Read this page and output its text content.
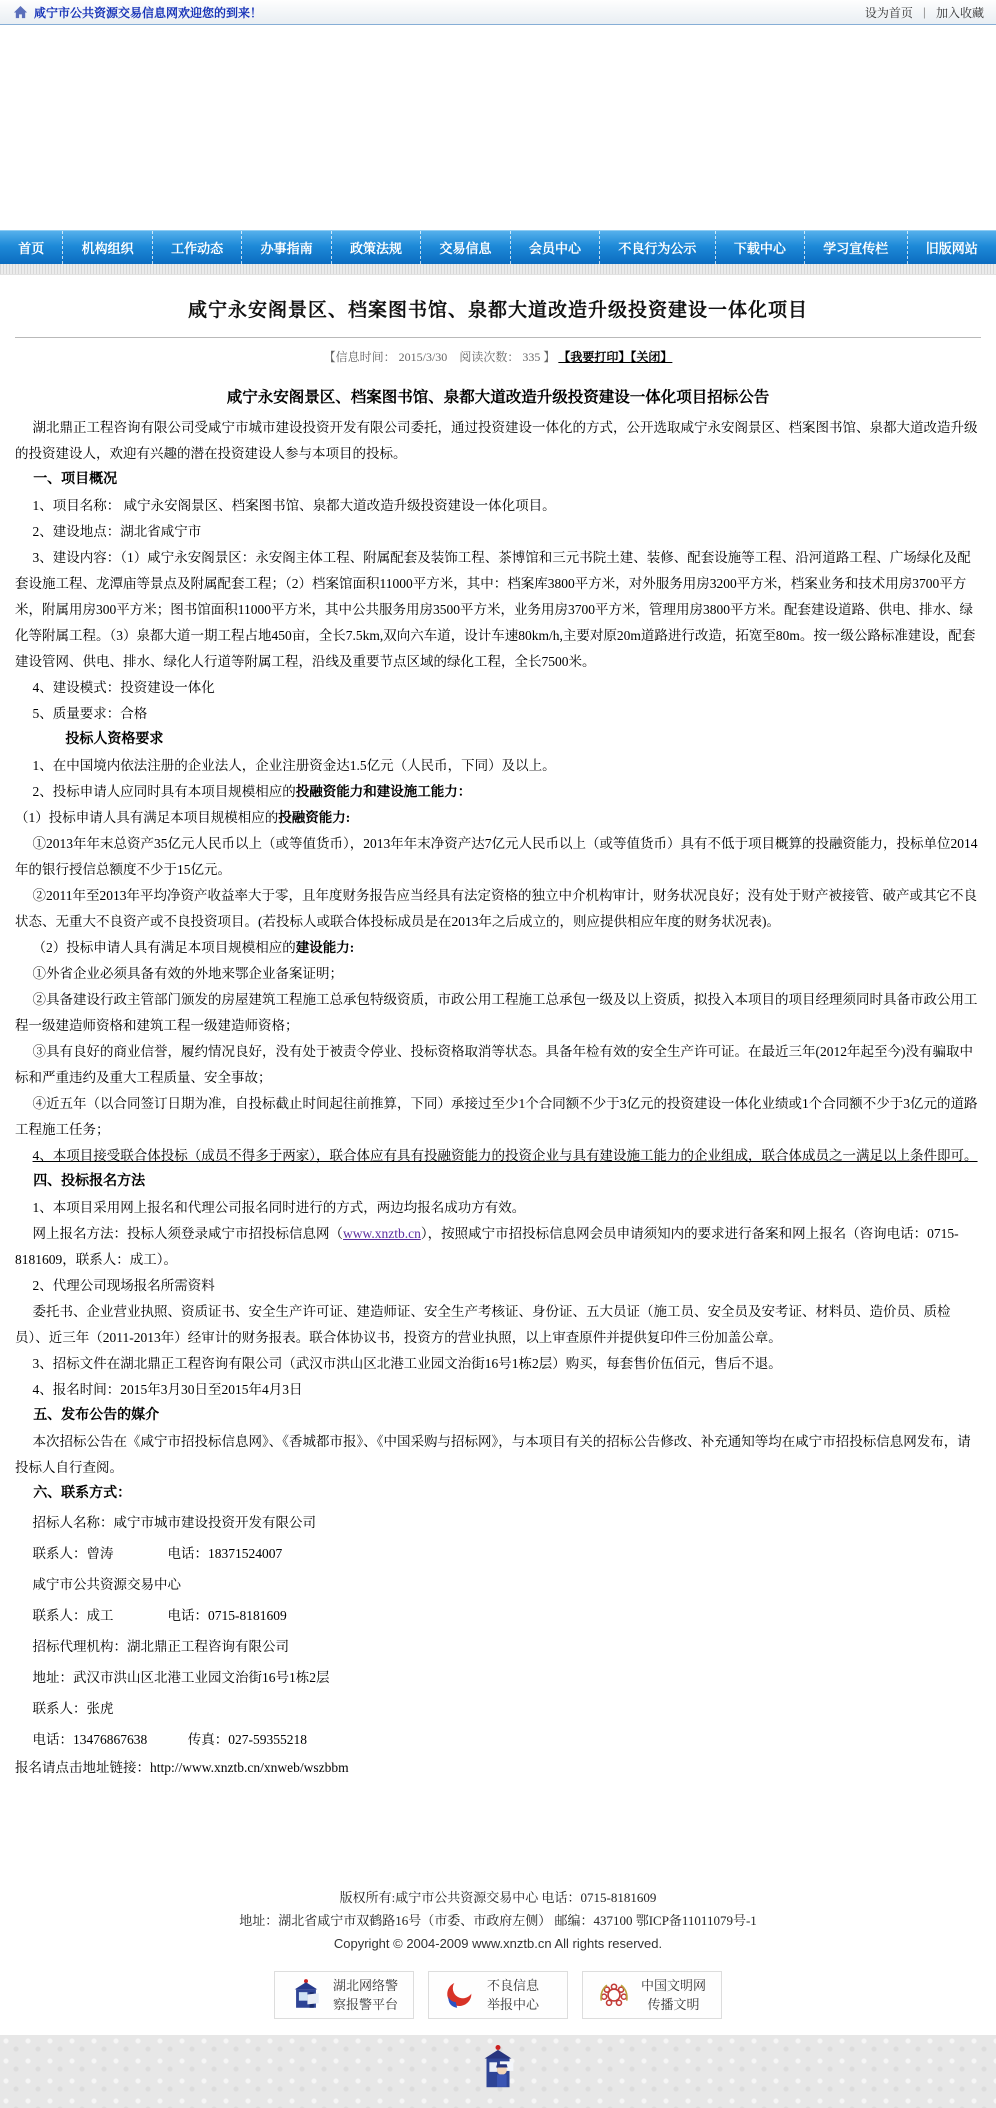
咸宁市公共资源交易信息网欢迎您的到来！	设为首页 | 加入收藏
首页	机构组织	工作动态	办事指南	政策法规	交易信息	会员中心	不良行为公示	下载中心	学习宣传栏	旧版网站
咸宁永安阁景区、档案图书馆、泉都大道改造升级投资建设一体化项目
【信息时间： 2015/3/30 阅读次数： 335 】 【我要打印】【关闭】

咸宁永安阁景区、档案图书馆、泉都大道改造升级投资建设一体化项目招标公告

湖北鼎正工程咨询有限公司受咸宁市城市建设投资开发有限公司委托，通过投资建设一体化的方式，公开选取咸宁永安阁景区、档案图书馆、泉都大道改造升级的投资建设人，欢迎有兴趣的潜在投资建设人参与本项目的投标。

一、项目概况

1、项目名称： 咸宁永安阁景区、档案图书馆、泉都大道改造升级投资建设一体化项目。

2、建设地点：湖北省咸宁市

3、建设内容：（1）咸宁永安阁景区：永安阁主体工程、附属配套及装饰工程、茶博馆和三元书院土建、装修、配套设施等工程、沿河道路工程、广场绿化及配套设施工程、龙潭庙等景点及附属配套工程；（2）档案馆面积11000平方米，其中：档案库3800平方米，对外服务用房3200平方米，档案业务和技术用房3700平方米，附属用房300平方米；图书馆面积11000平方米，其中公共服务用房3500平方米，业务用房3700平方米，管理用房3800平方米。配套建设道路、供电、排水、绿化等附属工程。（3）泉都大道一期工程占地450亩，全长7.5km,双向六车道，设计车速80km/h,主要对原20m道路进行改造，拓宽至80m。按一级公路标准建设，配套建设管网、供电、排水、绿化人行道等附属工程，沿线及重要节点区域的绿化工程，全长7500米。

4、建设模式：投资建设一体化

5、质量要求：合格

投标人资格要求

1、在中国境内依法注册的企业法人，企业注册资金达1.5亿元（人民币，下同）及以上。

2、投标申请人应同时具有本项目规模相应的投融资能力和建设施工能力：

（1）投标申请人具有满足本项目规模相应的投融资能力:

①2013年年末总资产35亿元人民币以上（或等值货币），2013年年末净资产达7亿元人民币以上（或等值货币）具有不低于项目概算的投融资能力，投标单位2014年的银行授信总额度不少于15亿元。

②2011年至2013年平均净资产收益率大于零，且年度财务报告应当经具有法定资格的独立中介机构审计，财务状况良好；没有处于财产被接管、破产或其它不良状态、无重大不良资产或不良投资项目。(若投标人或联合体投标成员是在2013年之后成立的，则应提供相应年度的财务状况表)。

（2）投标申请人具有满足本项目规模相应的建设能力:

①外省企业必须具备有效的外地来鄂企业备案证明；

②具备建设行政主管部门颁发的房屋建筑工程施工总承包特级资质，市政公用工程施工总承包一级及以上资质，拟投入本项目的项目经理须同时具备市政公用工程一级建造师资格和建筑工程一级建造师资格；

③具有良好的商业信誉，履约情况良好，没有处于被责令停业、投标资格取消等状态。具备年检有效的安全生产许可证。在最近三年(2012年起至今)没有骗取中标和严重违约及重大工程质量、安全事故；

④近五年（以合同签订日期为准，自投标截止时间起往前推算，下同）承接过至少1个合同额不少于3亿元的投资建设一体化业绩或1个合同额不少于3亿元的道路工程施工任务；

4、本项目接受联合体投标（成员不得多于两家），联合体应有具有投融资能力的投资企业与具有建设施工能力的企业组成，联合体成员之一满足以上条件即可。

四、投标报名方法

1、本项目采用网上报名和代理公司报名同时进行的方式，两边均报名成功方有效。

网上报名方法：投标人须登录咸宁市招投标信息网（www.xnztb.cn），按照咸宁市招投标信息网会员申请须知内的要求进行备案和网上报名（咨询电话：0715-8181609，联系人：成工）。

2、代理公司现场报名所需资料

委托书、企业营业执照、资质证书、安全生产许可证、建造师证、安全生产考核证、身份证、五大员证（施工员、安全员及安考证、材料员、造价员、质检员）、近三年（2011-2013年）经审计的财务报表。联合体协议书，投资方的营业执照，以上审查原件并提供复印件三份加盖公章。

3、招标文件在湖北鼎正工程咨询有限公司（武汉市洪山区北港工业园文治街16号1栋2层）购买，每套售价伍佰元，售后不退。

4、报名时间：2015年3月30日至2015年4月3日

五、发布公告的媒介

本次招标公告在《咸宁市招投标信息网》、《香城都市报》、《中国采购与招标网》，与本项目有关的招标公告修改、补充通知等均在咸宁市招投标信息网发布，请投标人自行查阅。

六、联系方式：

招标人名称：咸宁市城市建设投资开发有限公司

联系人：曾涛　　　　电话：18371524007

咸宁市公共资源交易中心

联系人：成工　　　　电话：0715-8181609

招标代理机构：湖北鼎正工程咨询有限公司

地址：武汉市洪山区北港工业园文治街16号1栋2层

联系人：张虎

电话：13476867638　　　传真：027-59355218

报名请点击地址链接：http://www.xnztb.cn/xnweb/wszbbm

版权所有:咸宁市公共资源交易中心 电话：0715-8181609
地址：湖北省咸宁市双鹤路16号（市委、市政府左侧） 邮编：437100 鄂ICP备11011079号-1
Copyright © 2004-2009 www.xnztb.cn All rights reserved.
湖北网络警
察报警平台
不良信息
举报中心
中国文明网
传播文明
